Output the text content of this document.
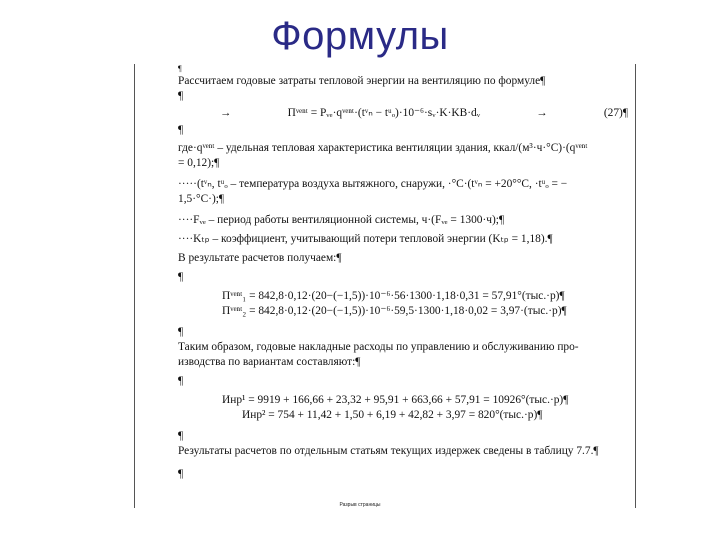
Формулы

¶

Рассчитаем годовые затраты тепловой энергии на вентиляцию по формуле¶

¶

→	Пᵛᵉⁿᵗ = Pᵥₑ·qᵛᵉⁿᵗ·(tᵛₙ − tᵘₒ)·10⁻⁶·sᵥ·K·KB·dᵥ	→	(27)¶

¶

где·qᵛᵉⁿᵗ – удельная тепловая характеристика вентиляции здания, ккал/(м³·ч·°C)·(qᵛᵉⁿᵗ

= 0,12);¶

·····(tᵛₙ, tᵘₒ – температура воздуха вытяжного, снаружи, ·°C·(tᵛₙ = +20°°C, ·tᵘₒ = −

1,5·°C·);¶

····Fᵥₑ – период работы вентиляционной системы, ч·(Fᵥₑ = 1300·ч);¶

····Kₜₚ – коэффициент, учитывающий потери тепловой энергии (Kₜₚ = 1,18).¶

В результате расчетов получаем:¶

¶

Пᵛᵉⁿᵗ₁ = 842,8·0,12·(20−(−1,5))·10⁻⁶·56·1300·1,18·0,31 = 57,91°(тыс.·р)¶

Пᵛᵉⁿᵗ₂ = 842,8·0,12·(20−(−1,5))·10⁻⁶·59,5·1300·1,18·0,02 = 3,97·(тыс.·р)¶

¶

Таким образом, годовые накладные расходы по управлению и обслуживанию про-

изводства по вариантам составляют:¶

¶

Инр¹ = 9919 + 166,66 + 23,32 + 95,91 + 663,66 + 57,91 = 10926°(тыс.·р)¶

Инр² = 754 + 11,42 + 1,50 + 6,19 + 42,82 + 3,97 = 820°(тыс.·р)¶

¶

Результаты расчетов по отдельным статьям текущих издержек сведены в таблицу 7.7.¶

¶

Разрыв страницы
